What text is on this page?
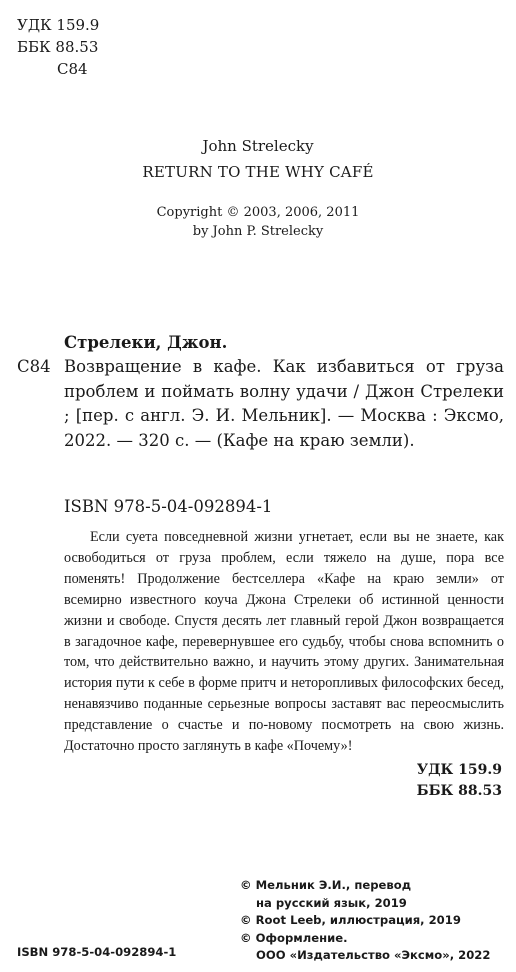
УДК 159.9
ББК 88.53
С84
John Strelecky
RETURN TO THE WHY CAFÉ
Copyright © 2003, 2006, 2011
by John P. Strelecky
Стрелеки, Джон.
С84 Возвращение в кафе. Как избавиться от груза проблем и поймать волну удачи / Джон Стрелеки ; [пер. с англ. Э. И. Мельник]. — Москва : Эксмо, 2022. — 320 с. — (Кафе на краю земли).
ISBN 978-5-04-092894-1

Если суета повседневной жизни угнетает, если вы не знаете, как освободиться от груза проблем, если тяжело на душе, пора все поменять! Продолжение бестселлера «Кафе на краю земли» от всемирно известного коуча Джона Стрелеки об истинной ценности жизни и свободе. Спустя десять лет главный герой Джон возвращается в загадочное кафе, перевернувшее его судьбу, чтобы снова вспомнить о том, что действительно важно, и научить этому других. Занимательная история пути к себе в форме притч и неторопливых философских бесед, ненавязчиво поданные серьезные вопросы заставят вас переосмыслить представление о счастье и по-новому посмотреть на свою жизнь. Достаточно просто заглянуть в кафе «Почему»!

УДК 159.9
ББК 88.53
© Мельник Э.И., перевод
на русский язык, 2019
© Root Leeb, иллюстрация, 2019
© Оформление.
ООО «Издательство «Эксмо», 2022
ISBN 978-5-04-092894-1
